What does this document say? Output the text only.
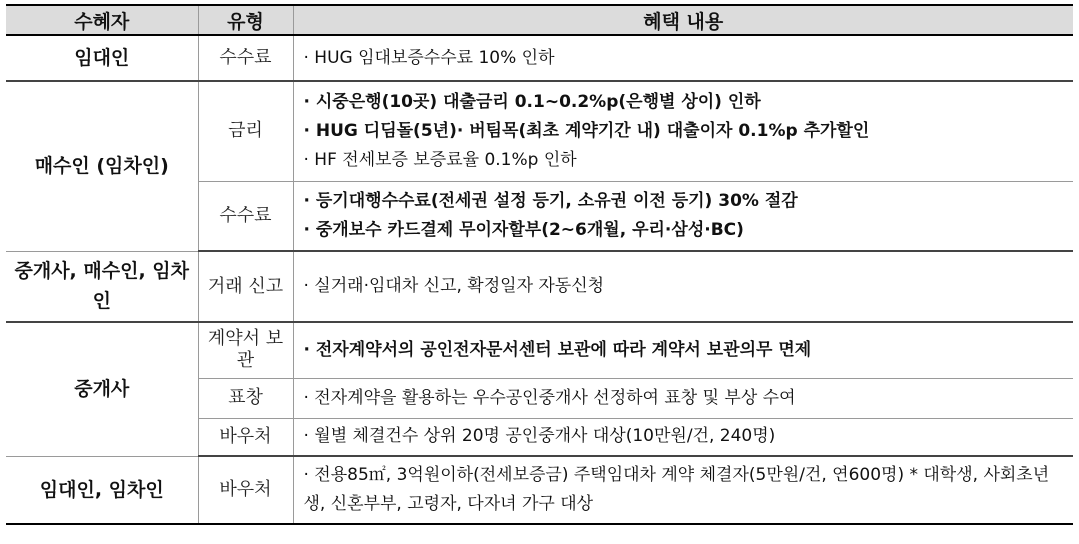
수혜자	유형	혜택 내용
임대인	수수료	· HUG 임대보증수수료 10% 인하

매수인 (임차인)	금리	· 시중은행(10곳) 대출금리 0.1∼0.2%p(은행별 상이) 인하
· HUG 디딤돌(5년)· 버팀목(최초 계약기간 내) 대출이자 0.1%p 추가할인
· HF 전세보증 보증료율 0.1%p 인하

	수수료	· 등기대행수수료(전세권 설정 등기, 소유권 이전 등기) 30% 절감
· 중개보수 카드결제 무이자할부(2~6개월, 우리·삼성·BC)

중개사, 매수인, 임차인	거래 신고	· 실거래·임대차 신고, 확정일자 자동신청

중개사	계약서 보관	· 전자계약서의 공인전자문서센터 보관에 따라 계약서 보관의무 면제

	표창	· 전자계약을 활용하는 우수공인중개사 선정하여 표창 및 부상 수여

	바우처	· 월별 체결건수 상위 20명 공인중개사 대상(10만원/건, 240명)

임대인, 임차인	바우처	· 전용85㎡, 3억원이하(전세보증금) 주택임대차 계약 체결자(5만원/건, 연600명) * 대학생, 사회초년생, 신혼부부, 고령자, 다자녀 가구 대상
